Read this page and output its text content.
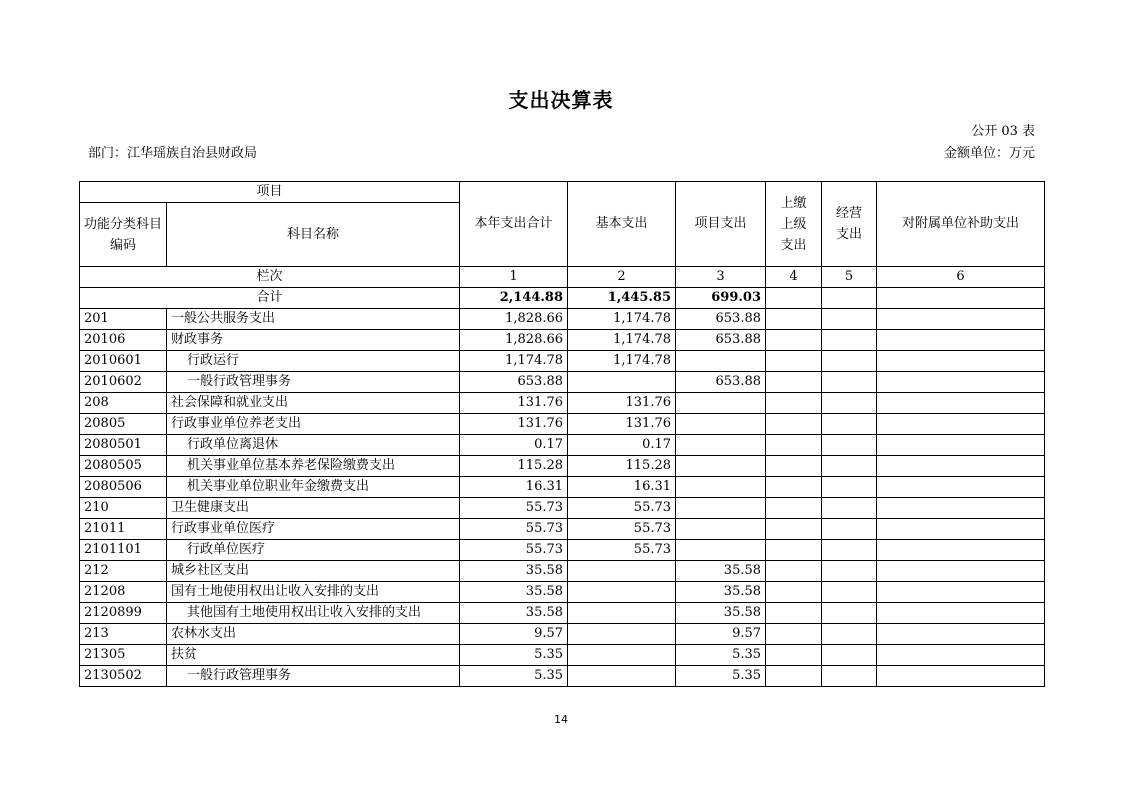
支出决算表
公开 03 表
部门：江华瑶族自治县财政局	金额单位：万元
项目		本年支出合计	基本支出	项目支出	上缴上级支出	经营支出	对附属单位补助支出
功能分类科目编码	科目名称						
栏次		1	2	3	4	5	6
合计		2,144.88	1,445.85	699.03			
201	一般公共服务支出	1,828.66	1,174.78	653.88			
20106	财政事务	1,828.66	1,174.78	653.88			
2010601	行政运行	1,174.78	1,174.78				
2010602	一般行政管理事务	653.88		653.88			
208	社会保障和就业支出	131.76	131.76				
20805	行政事业单位养老支出	131.76	131.76				
2080501	行政单位离退休	0.17	0.17				
2080505	机关事业单位基本养老保险缴费支出	115.28	115.28				
2080506	机关事业单位职业年金缴费支出	16.31	16.31				
210	卫生健康支出	55.73	55.73				
21011	行政事业单位医疗	55.73	55.73				
2101101	行政单位医疗	55.73	55.73				
212	城乡社区支出	35.58		35.58			
21208	国有土地使用权出让收入安排的支出	35.58		35.58			
2120899	其他国有土地使用权出让收入安排的支出	35.58		35.58			
213	农林水支出	9.57		9.57			
21305	扶贫	5.35		5.35			
2130502	一般行政管理事务	5.35		5.35			
14
